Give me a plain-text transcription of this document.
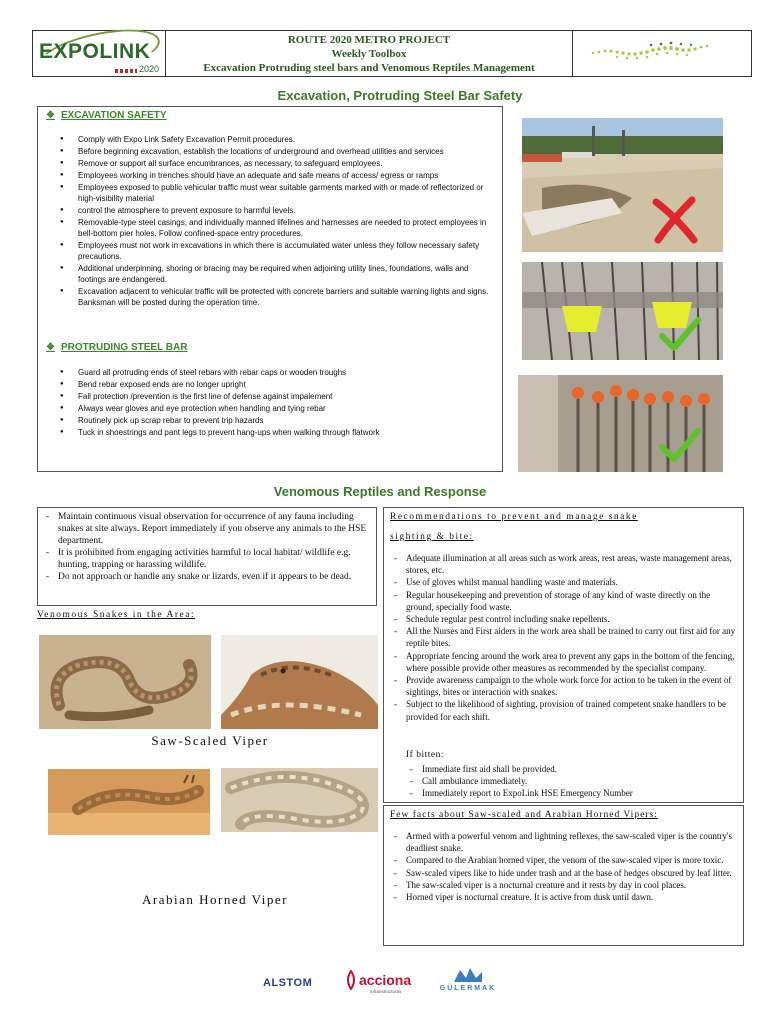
EXPOLINK
2020
ROUTE 2020 METRO PROJECT
Weekly Toolbox
Excavation Protruding steel bars and Venomous Reptiles Management
Excavation, Protruding Steel Bar Safety
❖ EXCAVATION SAFETY
● Comply with Expo Link Safety Excavation Permit procedures.
● Before beginning excavation, establish the locations of underground and overhead utilities and services
● Remove or support all surface encumbrances, as necessary, to safeguard employees.
● Employees working in trenches should have an adequate and safe means of access/ egress or ramps
● Employees exposed to public vehicular traffic must wear suitable garments marked with or made of reflectorized or high-visibility material
● control the atmosphere to prevent exposure to harmful levels.
● Removable-type steel casings, and individually manned lifelines and harnesses are needed to protect employees in bell-bottom pier holes. Follow confined-space entry procedures.
● Employees must not work in excavations in which there is accumulated water unless they follow necessary safety precautions.
● Additional underpinning, shoring or bracing may be required when adjoining utility lines, foundations, walls and footings are endangered.
● Excavation adjacent to vehicular traffic will be protected with concrete barriers and suitable warning lights and signs. Banksman will be posted during the operation time.
❖ PROTRUDING STEEL BAR
● Guard all protruding ends of steel rebars with rebar caps or wooden troughs
● Bend rebar exposed ends are no longer upright
● Fall protection /prevention is the first line of defense against impalement
● Always wear gloves and eye protection when handling and tying rebar
● Routinely pick up scrap rebar to prevent trip hazards
● Tuck in shoestrings and pant legs to prevent hang-ups when walking through flatwork
Venomous Reptiles and Response
- Maintain continuous visual observation for occurrence of any fauna including snakes at site always. Report immediately if you observe any animals to the HSE department.
- It is prohibited from engaging activities harmful to local habitat/ wildlife e.g. hunting, trapping or harassing wildlife.
- Do not approach or handle any snake or lizards, even if it appears to be dead.
Venomous Snakes in the Area:
Saw-Scaled Viper
Arabian Horned Viper
Recommendations to prevent and manage snake
sighting & bite:
- Adequate illumination at all areas such as work areas, rest areas, waste management areas, stores, etc.
- Use of gloves whilst manual handling waste and materials.
- Regular housekeeping and prevention of storage of any kind of waste directly on the ground, specially food waste.
- Schedule regular pest control including snake repellents.
- All the Nurses and First aiders in the work area shall be trained to carry out first aid for any reptile bites.
- Appropriate fencing around the work area to prevent any gaps in the bottom of the fencing, where possible provide other measures as recommended by the specialist company.
- Provide awareness campaign to the whole work force for action to be taken in the event of sightings, bites or interaction with snakes.
- Subject to the likelihood of sighting, provision of trained competent snake handlers to be provided for each shift.
If bitten:
- Immediate first aid shall be provided.
- Call ambulance immediately.
- Immediately report to ExpoLink HSE Emergency Number
Few facts about Saw-scaled and Arabian Horned Vipers:
- Armed with a powerful venom and lightning reflexes, the saw-scaled viper is the country's deadliest snake.
- Compared to the Arabian horned viper, the venom of the saw-scaled viper is more toxic.
- Saw-scaled vipers like to hide under trash and at the base of hedges obscured by leaf litter.
- The saw-scaled viper is a nocturnal creature and it rests by day in cool places.
- Horned viper is nocturnal creature. It is active from dusk until dawn.
ALSTOM	acciona
Infraestructuras	GÜLERMAK
